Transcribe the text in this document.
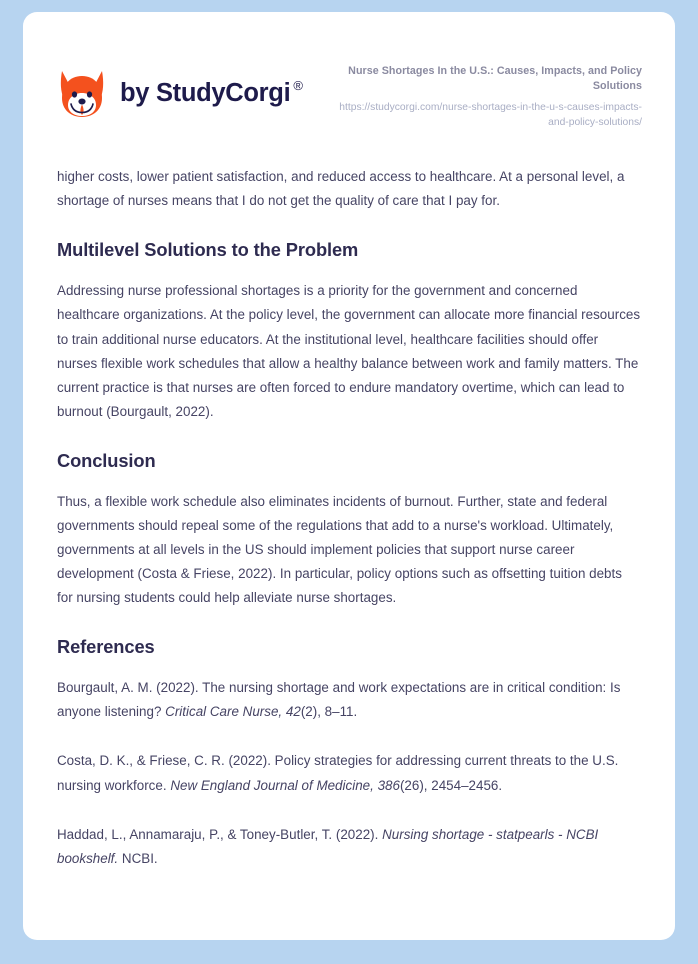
by StudyCorgi ®
Nurse Shortages In the U.S.: Causes, Impacts, and Policy Solutions
https://studycorgi.com/nurse-shortages-in-the-u-s-causes-impacts-and-policy-solutions/

higher costs, lower patient satisfaction, and reduced access to healthcare. At a personal level, a shortage of nurses means that I do not get the quality of care that I pay for.

Multilevel Solutions to the Problem

Addressing nurse professional shortages is a priority for the government and concerned healthcare organizations. At the policy level, the government can allocate more financial resources to train additional nurse educators. At the institutional level, healthcare facilities should offer nurses flexible work schedules that allow a healthy balance between work and family matters. The current practice is that nurses are often forced to endure mandatory overtime, which can lead to burnout (Bourgault, 2022).

Conclusion

Thus, a flexible work schedule also eliminates incidents of burnout. Further, state and federal governments should repeal some of the regulations that add to a nurse's workload. Ultimately, governments at all levels in the US should implement policies that support nurse career development (Costa & Friese, 2022). In particular, policy options such as offsetting tuition debts for nursing students could help alleviate nurse shortages.

References

Bourgault, A. M. (2022). The nursing shortage and work expectations are in critical condition: Is anyone listening? Critical Care Nurse, 42(2), 8–11.

Costa, D. K., & Friese, C. R. (2022). Policy strategies for addressing current threats to the U.S. nursing workforce. New England Journal of Medicine, 386(26), 2454–2456.

Haddad, L., Annamaraju, P., & Toney-Butler, T. (2022). Nursing shortage - statpearls - NCBI bookshelf. NCBI.
